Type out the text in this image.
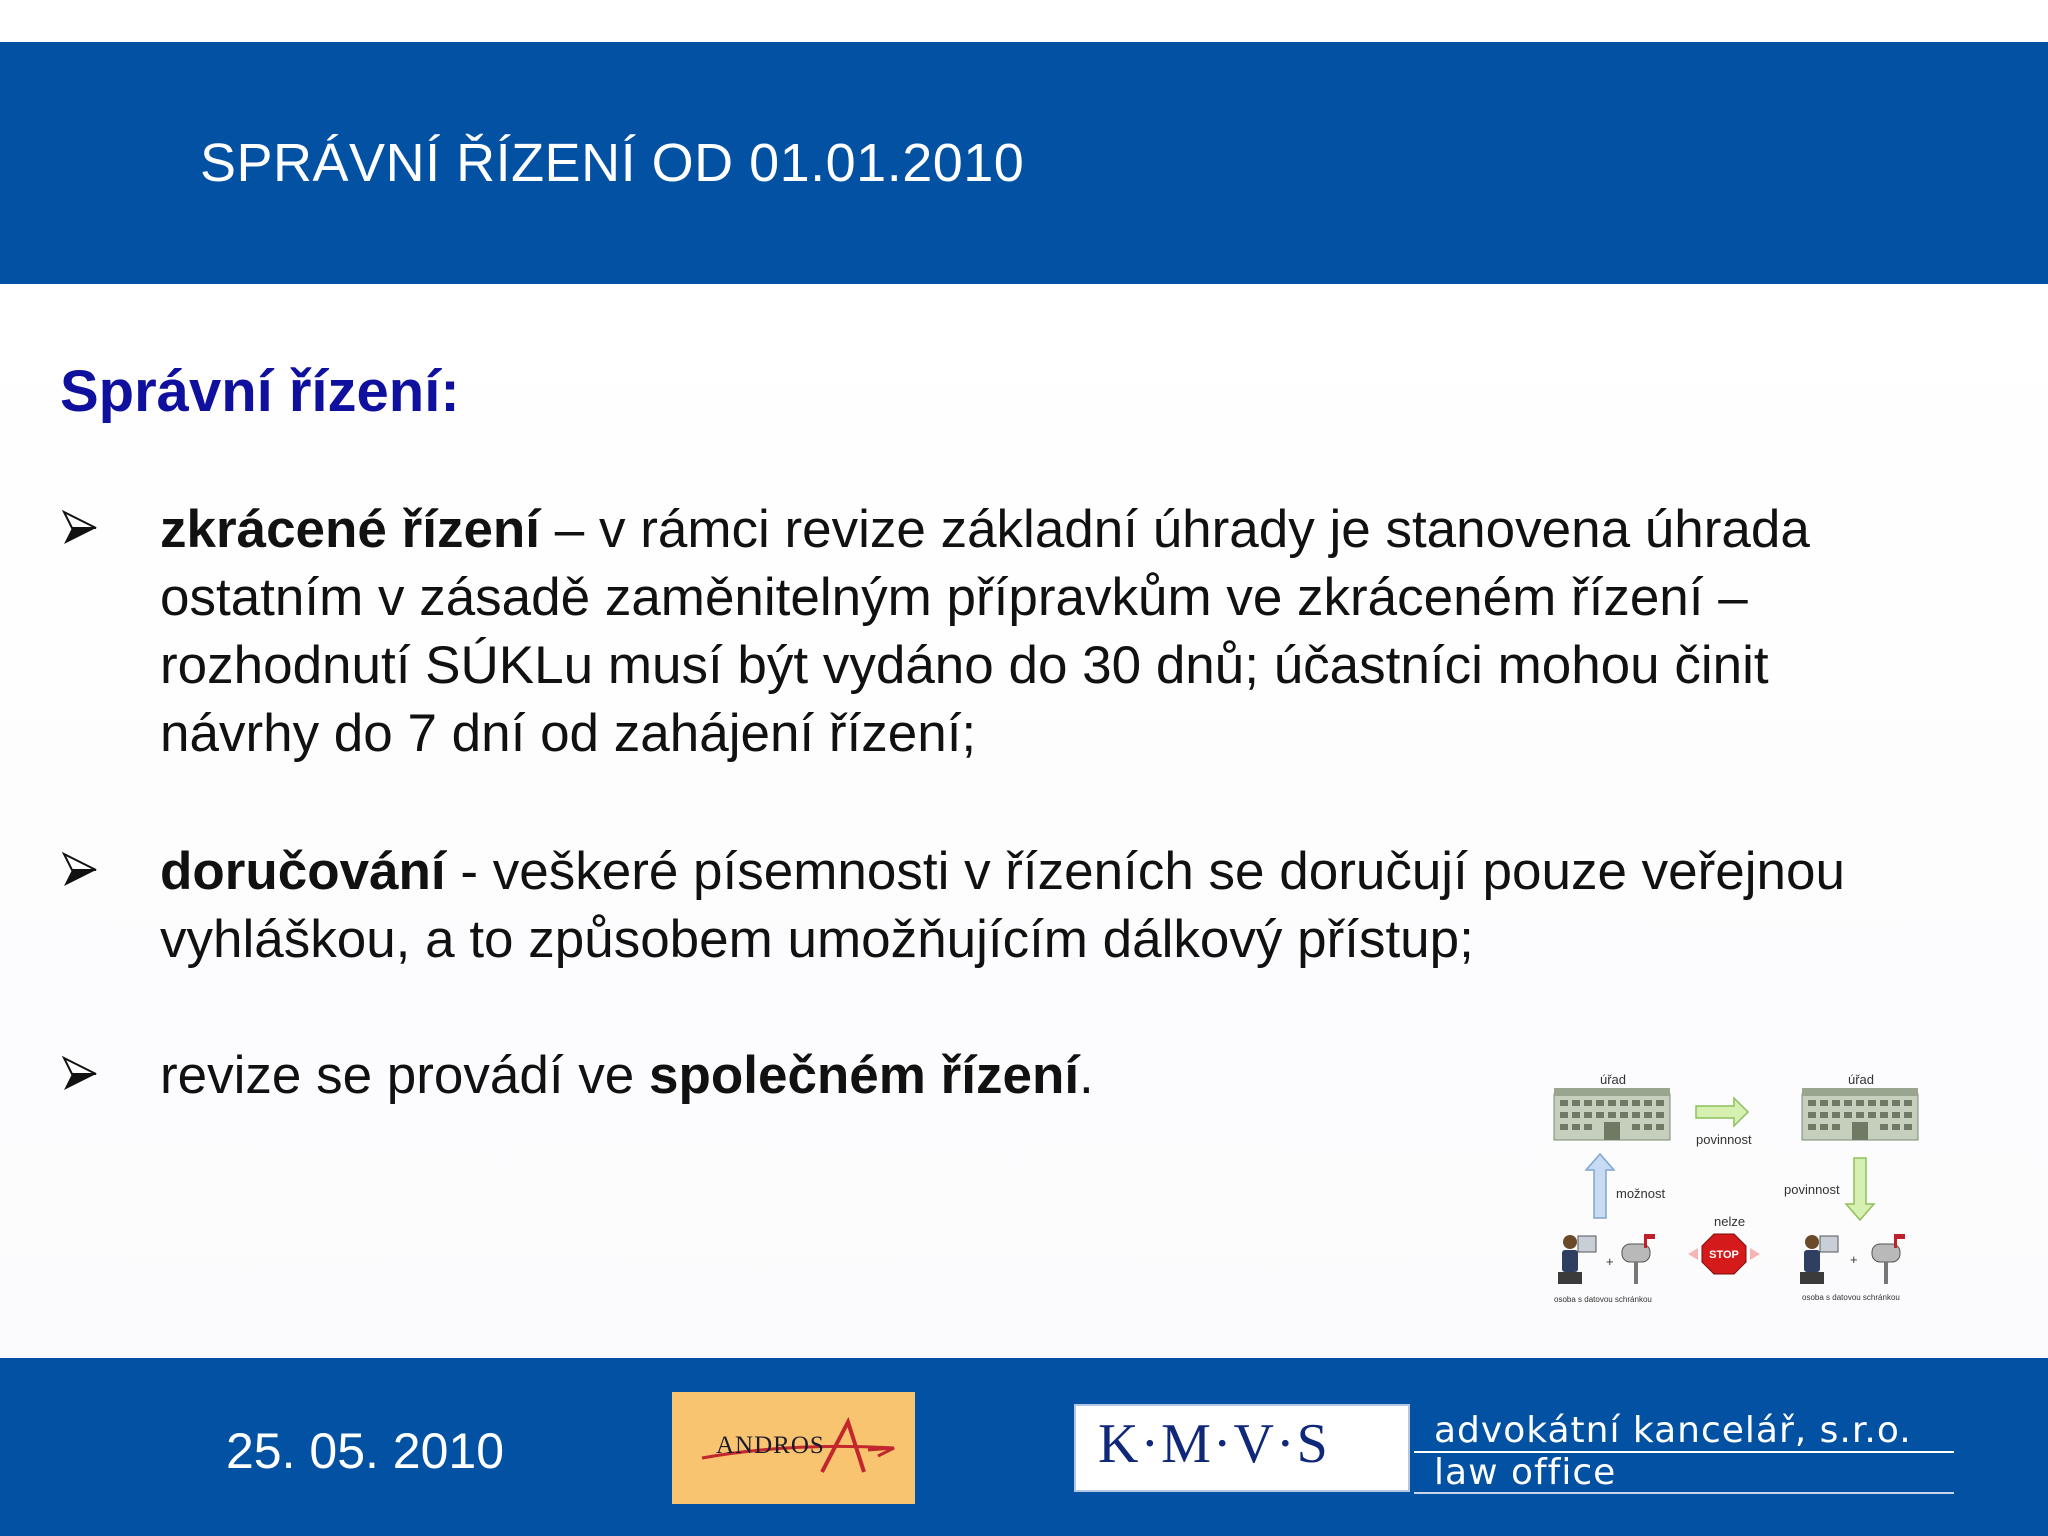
SPRÁVNÍ ŘÍZENÍ OD 01.01.2010
Správní řízení:
zkrácené řízení – v rámci revize základní úhrady je stanovena úhrada ostatním v zásadě zaměnitelným přípravkům ve zkráceném řízení – rozhodnutí SÚKLu musí být vydáno do 30 dnů; účastníci mohou činit návrhy do 7 dní od zahájení řízení;
doručování - veškeré písemnosti v řízeních se doručují pouze veřejnou vyhláškou, a to způsobem umožňujícím dálkový přístup;
revize se provádí ve společném řízení.	úřad	úřad
povinnost
možnost	povinnost
nelze
STOP
+
osoba s datovou schránkou
+
osoba s datovou schránkou
25. 05. 2010	ANDROS	K·M·V·S	advokátní kancelář, s.r.o.
law office
